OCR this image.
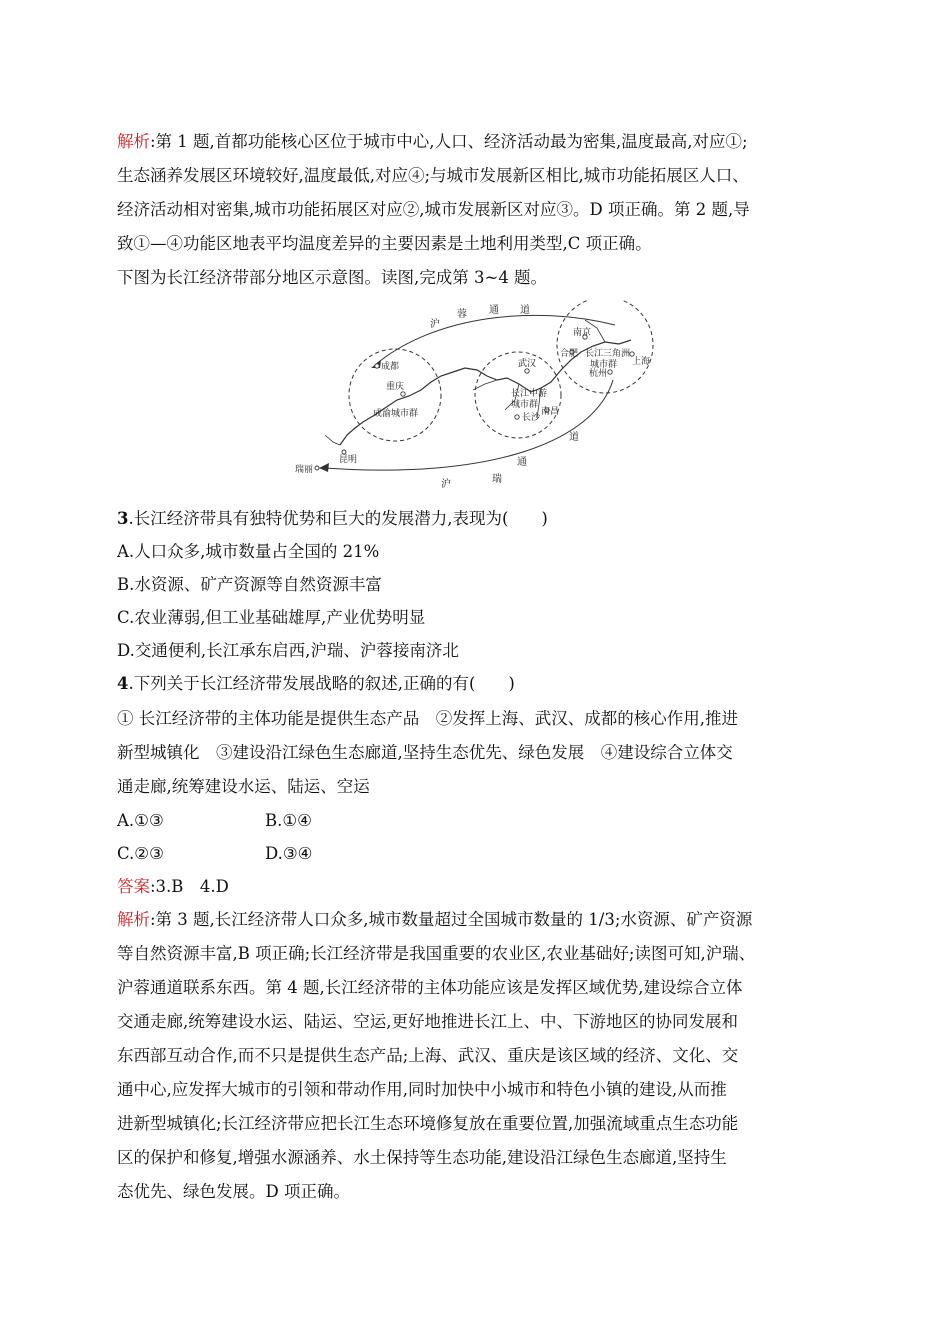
解析:第 1 题,首都功能核心区位于城市中心,人口、经济活动最为密集,温度最高,对应①;
生态涵养发展区环境较好,温度最低,对应④;与城市发展新区相比,城市功能拓展区人口、
经济活动相对密集,城市功能拓展区对应②,城市发展新区对应③。D 项正确。第 2 题,导
致①—④功能区地表平均温度差异的主要因素是土地利用类型,C 项正确。
下图为长江经济带部分地区示意图。读图,完成第 3~4 题。
沪
蓉 通 道
道
通
瑞
沪
成都
重庆
成渝城市群
昆明
瑞丽
武汉
长江中游
城市群
长沙
南昌
南京
合肥 长江三角洲
城市群 上海
杭州
3.长江经济带具有独特优势和巨大的发展潜力,表现为(　　)
A.人口众多,城市数量占全国的 21%
B.水资源、矿产资源等自然资源丰富
C.农业薄弱,但工业基础雄厚,产业优势明显
D.交通便利,长江承东启西,沪瑞、沪蓉接南济北
4.下列关于长江经济带发展战略的叙述,正确的有(　　)
① 长江经济带的主体功能是提供生态产品　②发挥上海、武汉、成都的核心作用,推进
新型城镇化　③建设沿江绿色生态廊道,坚持生态优先、绿色发展　④建设综合立体交
通走廊,统筹建设水运、陆运、空运
A.①③	B.①④
C.②③	D.③④
答案:3.B　4.D
解析:第 3 题,长江经济带人口众多,城市数量超过全国城市数量的 1/3;水资源、矿产资源
等自然资源丰富,B 项正确;长江经济带是我国重要的农业区,农业基础好;读图可知,沪瑞、
沪蓉通道联系东西。第 4 题,长江经济带的主体功能应该是发挥区域优势,建设综合立体
交通走廊,统筹建设水运、陆运、空运,更好地推进长江上、中、下游地区的协同发展和
东西部互动合作,而不只是提供生态产品;上海、武汉、重庆是该区域的经济、文化、交
通中心,应发挥大城市的引领和带动作用,同时加快中小城市和特色小镇的建设,从而推
进新型城镇化;长江经济带应把长江生态环境修复放在重要位置,加强流域重点生态功能
区的保护和修复,增强水源涵养、水土保持等生态功能,建设沿江绿色生态廊道,坚持生
态优先、绿色发展。D 项正确。
